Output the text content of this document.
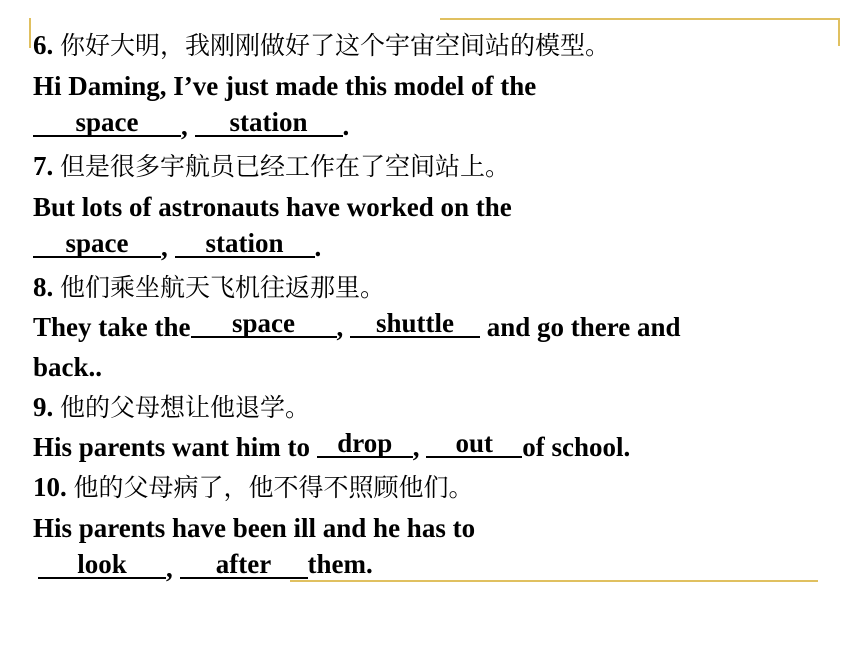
6. 你好大明，我刚刚做好了这个宇宙空间站的模型。
Hi Daming, I’ve just made this model of the
space , station .
7. 但是很多宇航员已经工作在了空间站上。
But lots of astronauts have worked on the
space , station .
8. 他们乘坐航天飞机往返那里。
They take the space , shuttle and go there and
back..
9. 他的父母想让他退学。
His parents want him to drop , out of school.
10. 他的父母病了，他不得不照顾他们。
His parents have been ill and he has to
look , after them.
